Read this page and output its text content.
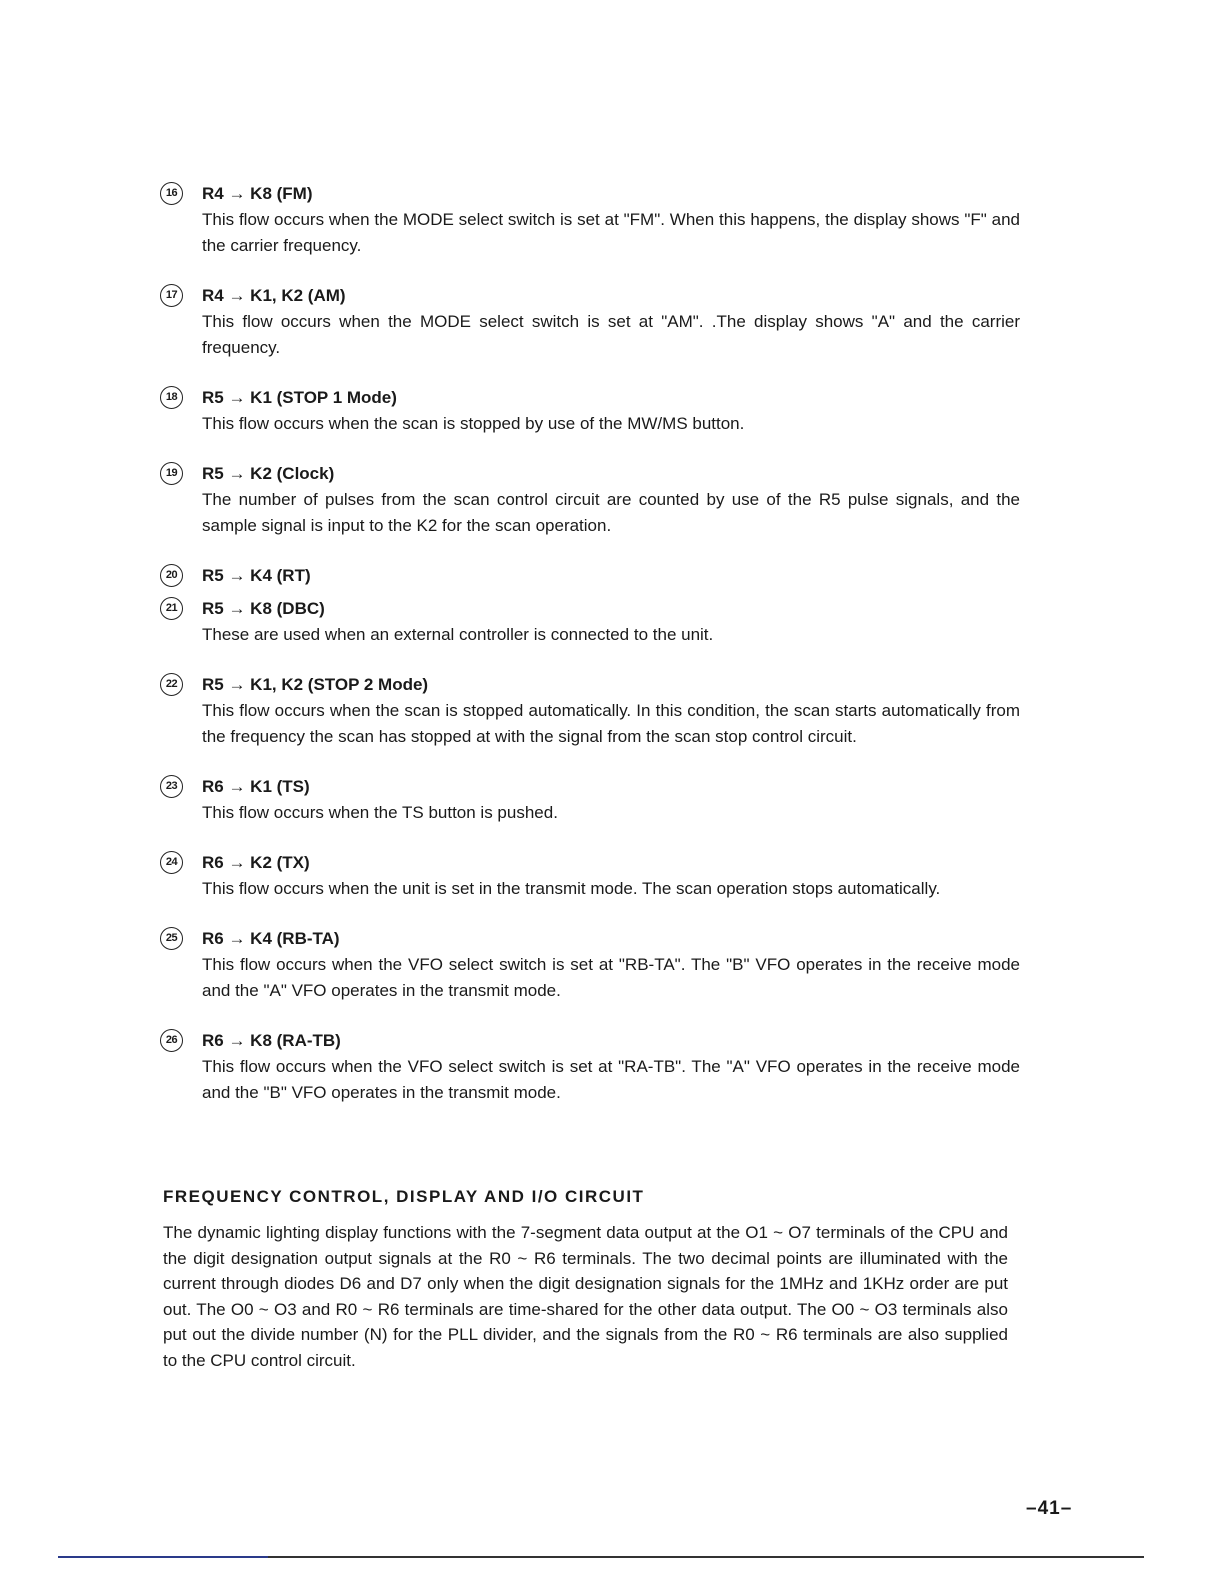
16	R4 → K8 (FM)
This flow occurs when the MODE select switch is set at "FM". When this happens, the display shows "F" and the carrier frequency.
17	R4 → K1, K2 (AM)
This flow occurs when the MODE select switch is set at "AM". .The display shows "A" and the carrier frequency.
18	R5 → K1 (STOP 1 Mode)
This flow occurs when the scan is stopped by use of the MW/MS button.
19	R5 → K2 (Clock)
The number of pulses from the scan control circuit are counted by use of the R5 pulse signals, and the sample signal is input to the K2 for the scan operation.
20	R5 → K4 (RT)
21	R5 → K8 (DBC)
These are used when an external controller is connected to the unit.
22	R5 → K1, K2 (STOP 2 Mode)
This flow occurs when the scan is stopped automatically. In this condition, the scan starts automatically from the frequency the scan has stopped at with the signal from the scan stop control circuit.
23	R6 → K1 (TS)
This flow occurs when the TS button is pushed.
24	R6 → K2 (TX)
This flow occurs when the unit is set in the transmit mode. The scan operation stops automatically.
25	R6 → K4 (RB-TA)
This flow occurs when the VFO select switch is set at "RB-TA". The "B" VFO operates in the receive mode and the "A" VFO operates in the transmit mode.
26	R6 → K8 (RA-TB)
This flow occurs when the VFO select switch is set at "RA-TB". The "A" VFO operates in the receive mode and the "B" VFO operates in the transmit mode.
FREQUENCY CONTROL, DISPLAY AND I/O CIRCUIT
The dynamic lighting display functions with the 7-segment data output at the O1 ~ O7 terminals of the CPU and the digit designation output signals at the R0 ~ R6 terminals. The two decimal points are illuminated with the current through diodes D6 and D7 only when the digit designation signals for the 1MHz and 1KHz order are put out. The O0 ~ O3 and R0 ~ R6 terminals are time-shared for the other data output. The O0 ~ O3 terminals also put out the divide number (N) for the PLL divider, and the signals from the R0 ~ R6 terminals are also supplied to the CPU control circuit.
–41–
